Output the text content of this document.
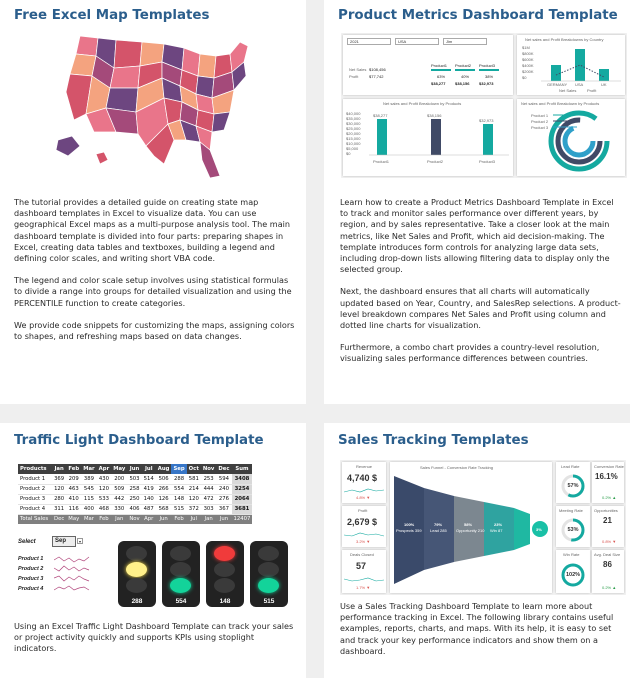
Free Excel Map Templates

The tutorial provides a detailed guide on creating state map dashboard templates in Excel to visualize data. You can use geographical Excel maps as a multi-purpose analysis tool. The main dashboard template is divided into four parts: preparing shapes in Excel, creating data tables and textboxes, building a legend and defining color scales, and writing short VBA code.

The legend and color scale setup involves using statistical formulas to divide a range into groups for detailed visualization and using the PERCENTILE function to create categories.

We provide code snippets for customizing the maps, assigning colors to shapes, and refreshing maps based on data changes.

Product Metrics Dashboard Template
2021	USA	Jim
Net Sales $108,456
Profit	$77,742
Product1 Product2 Product3
63%	40%	38%
$38,277 $38,156 $32,973
Net sales and Profit Breakdowns by Country
$1M
$800K
$600K
$400K
$200K
$0
GERMANY USA	UK
Net Sales	Profit
Net sales and Profit Breakdown by Products
$40,000
$35,000
$30,000
$25,000
$20,000
$15,000
$10,000
$5,000
$0
$38,277	$38,156
$32,973
Product1	Product2	Product3
Net sales and Profit Breakdown by Products
Product 1
Product 2
Product 3

Learn how to create a Product Metrics Dashboard Template in Excel to track and monitor sales performance over different years, by region, and by sales representative. Take a closer look at the main metrics, like Net Sales and Profit, which aid decision-making. The template introduces form controls for analyzing large data sets, including drop-down lists allowing filtering data to display only the selected group.

Next, the dashboard ensures that all charts will automatically updated based on Year, Country, and SalesRep selections. A product-level breakdown compares Net Sales and Profit using column and dotted line charts for visualization.

Furthermore, a combo chart provides a country-level resolution, visualizing sales performance differences between countries.

Traffic Light Dashboard Template
Products	Jan	Feb	Mar	Apr	May	Jun	Jul	Aug	Sep	Oct	Nov	Dec	Sum
Product 1	369	209	389	430	200	503	514	506	288	581	253	594	3408
Product 2	120	463	545	120	509	258	419	266	554	214	444	240	3254
Product 3	280	410	115	533	442	250	140	126	148	120	472	276	2064
Product 4	311	116	400	468	330	406	487	568	515	372	303	367	3681
Total Sales	Dec	May	Mar	Feb	Jan	Nov	Apr	Jun	Feb	Jul	Jan	Jun	12407
Select	Sep	▾
Product 1
Product 2
Product 3
Product 4
288	554	148	515

Using an Excel Traffic Light Dashboard Template can track your sales or project activity quickly and supports KPIs using stoplight indicators.

Sales Tracking Templates
Revenue
4,740 $
4.8% ▼
Profit
2,679 $
3.2% ▼
Deals Closed
57
1.7% ▼
Sales Funnel - Conversion Rate Tracking
100%
Prospects 359
79%
Lead 285
58%
Opportunity 210
23%
Win 87	3%
Lead Rate
57%
Meeting Rate
53%
Win Rate
102%
Conversion Rate
16.1%
0.2% ▲
Opportunities
21
0.8% ▼
Avg. Deal Size
86
0.2% ▲

Use a Sales Tracking Dashboard Template to learn more about performance tracking in Excel. The following library contains useful examples, reports, charts, and maps. With its help, it is easy to set and track your key performance indicators and show them on a dashboard.
